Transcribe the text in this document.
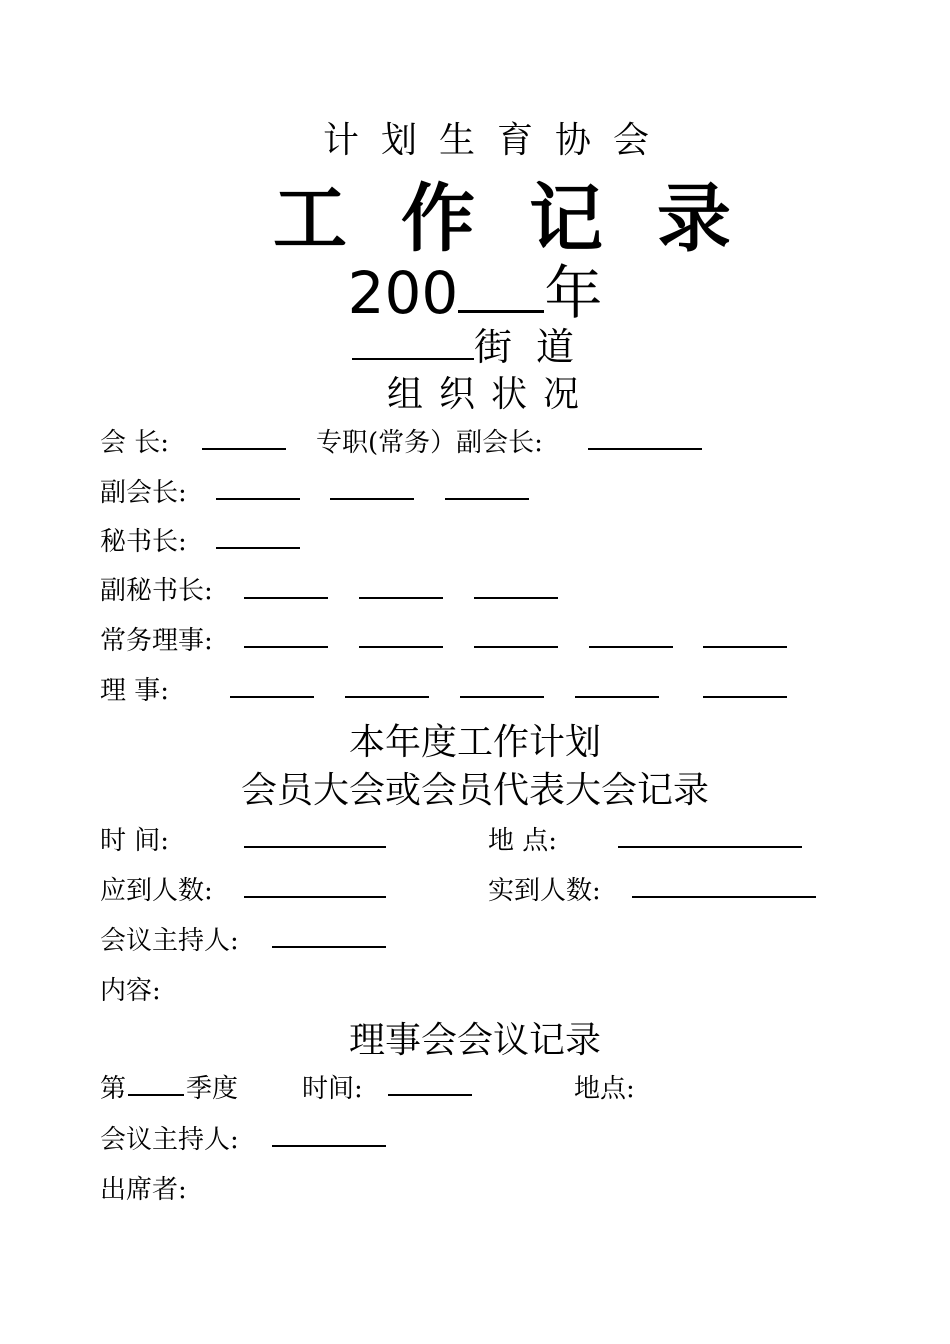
计划生育协会
工作记录
200 年
街道
组织状况
会 长:	专职(常务）副会长:
副会长:
秘书长:
副秘书长:
常务理事:
理 事:
本年度工作计划
会员大会或会员代表大会记录
时 间:	地 点:
应到人数:	实到人数:
会议主持人:
内容:
理事会会议记录
第 季度 时间:	地点:
会议主持人:
出席者:
